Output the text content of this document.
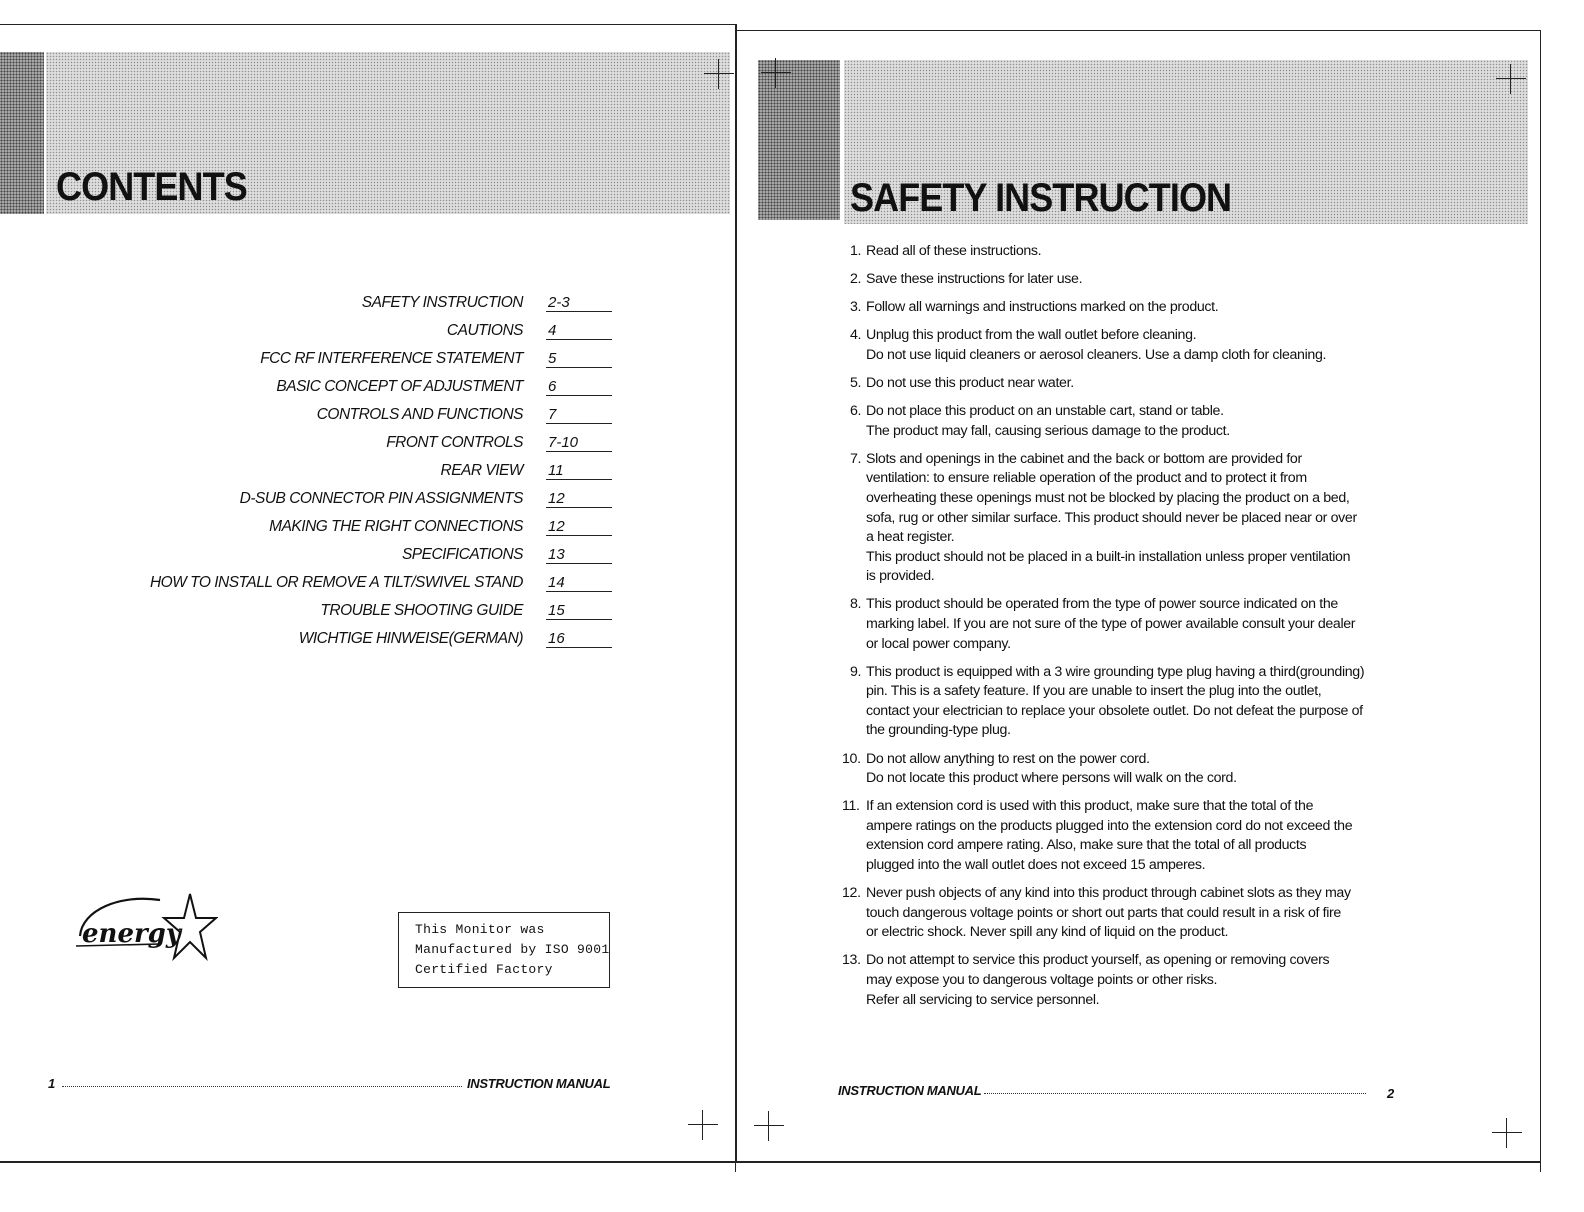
CONTENTS
SAFETY INSTRUCTION 2-3
CAUTIONS 4
FCC RF INTERFERENCE STATEMENT 5
BASIC CONCEPT OF ADJUSTMENT 6
CONTROLS AND FUNCTIONS 7
FRONT CONTROLS 7-10
REAR VIEW 11
D-SUB CONNECTOR PIN ASSIGNMENTS 12
MAKING THE RIGHT CONNECTIONS 12
SPECIFICATIONS 13
HOW TO INSTALL OR REMOVE A TILT/SWIVEL STAND 14
TROUBLE SHOOTING GUIDE 15
WICHTIGE HINWEISE(GERMAN) 16
energy	This Monitor was
Manufactured by ISO 9001
Certified Factory
1	INSTRUCTION MANUAL
SAFETY INSTRUCTION
1. Read all of these instructions.
2. Save these instructions for later use.
3. Follow all warnings and instructions marked on the product.
4. Unplug this product from the wall outlet before cleaning.
Do not use liquid cleaners or aerosol cleaners. Use a damp cloth for cleaning.
5. Do not use this product near water.
6. Do not place this product on an unstable cart, stand or table.
The product may fall, causing serious damage to the product.
7. Slots and openings in the cabinet and the back or bottom are provided for
ventilation: to ensure reliable operation of the product and to protect it from
overheating these openings must not be blocked by placing the product on a bed,
sofa, rug or other similar surface. This product should never be placed near or over
a heat register.
This product should not be placed in a built-in installation unless proper ventilation
is provided.
8. This product should be operated from the type of power source indicated on the
marking label. If you are not sure of the type of power available consult your dealer
or local power company.
9. This product is equipped with a 3 wire grounding type plug having a third(grounding)
pin. This is a safety feature. If you are unable to insert the plug into the outlet,
contact your electrician to replace your obsolete outlet. Do not defeat the purpose of
the grounding-type plug.
10. Do not allow anything to rest on the power cord.
Do not locate this product where persons will walk on the cord.
11. If an extension cord is used with this product, make sure that the total of the
ampere ratings on the products plugged into the extension cord do not exceed the
extension cord ampere rating. Also, make sure that the total of all products
plugged into the wall outlet does not exceed 15 amperes.
12. Never push objects of any kind into this product through cabinet slots as they may
touch dangerous voltage points or short out parts that could result in a risk of fire
or electric shock. Never spill any kind of liquid on the product.
13. Do not attempt to service this product yourself, as opening or removing covers
may expose you to dangerous voltage points or other risks.
Refer all servicing to service personnel.
INSTRUCTION MANUAL	2
